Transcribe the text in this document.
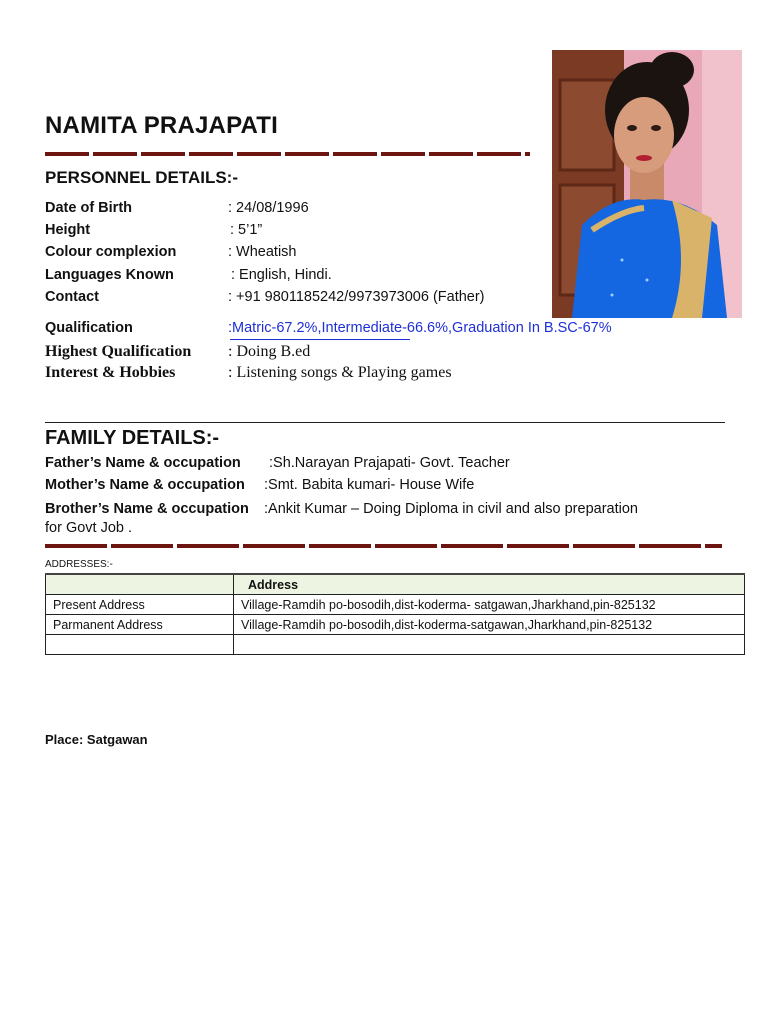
NAMITA PRAJAPATI
PERSONNEL DETAILS:-
Date of Birth	: 24/08/1996
Height	: 5’1”
Colour complexion	: Wheatish
Languages Known	: English, Hindi.
Contact	: +91 9801185242/9973973006 (Father)
Qualification	:Matric-67.2%,Intermediate-66.6%,Graduation In B.SC-67%
Highest Qualification : Doing B.ed
Interest & Hobbies	: Listening songs & Playing games
FAMILY DETAILS:-
Father’s Name & occupation :Sh.Narayan Prajapati- Govt. Teacher
Mother’s Name & occupation :Smt. Babita kumari- House Wife
Brother’s Name & occupation :Ankit Kumar – Doing Diploma in civil and also preparation
for Govt Job .
ADDRESSES:-
	Address
Present Address	Village-Ramdih po-bosodih,dist-koderma- satgawan,Jharkhand,pin-825132
Parmanent Address	Village-Ramdih po-bosodih,dist-koderma-satgawan,Jharkhand,pin-825132

Place: Satgawan
